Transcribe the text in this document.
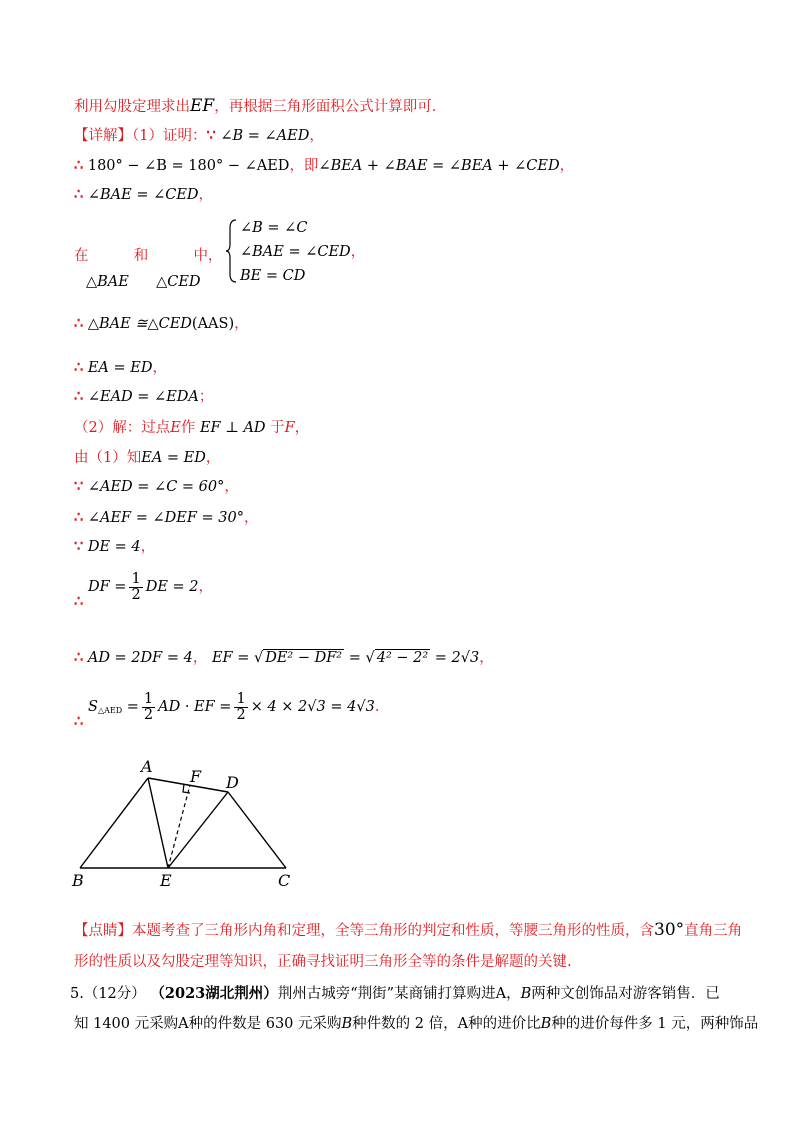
利用勾股定理求出EF，再根据三角形面积公式计算即可.
【详解】（1）证明：∵ ∠B = ∠AED，
∴ 180° − ∠B = 180° − ∠AED，即∠BEA + ∠BAE = ∠BEA + ∠CED，
∴ ∠BAE = ∠CED，
在	和	中，
△BAE △CED
∠B = ∠C
∠BAE = ∠CED，
BE = CD
∴ △BAE ≅△CED(AAS)，
∴ EA = ED，
∴ ∠EAD = ∠EDA；
（2）解：过点E作 EF ⊥ AD 于F，
由（1）知EA = ED，
∵ ∠AED = ∠C = 60°，
∴ ∠AEF = ∠DEF = 30°，
∵ DE = 4，
DF = $\frac{1}{2}$ DE = 2，
∴
∴ AD = 2DF = 4， EF = √ DE² − DF² = √ 4² − 2² = 2√3，
$S_{\triangle AED} = \frac{1}{2}$ AD · EF = $\frac{1}{2} \times 4 \times 2√3 = 4√3$.
∴
A
F D
B	E	C
【点睛】本题考查了三角形内角和定理，全等三角形的判定和性质，等腰三角形的性质，含30°直角三角
形的性质以及勾股定理等知识，正确寻找证明三角形全等的条件是解题的关键.
5.（12分） （2023湖北荆州）荆州古城旁“荆街”某商铺打算购进A，B两种文创饰品对游客销售．已
知 1400 元采购A种的件数是 630 元采购B种件数的 2 倍，A种的进价比B种的进价每件多 1 元，两种饰品
